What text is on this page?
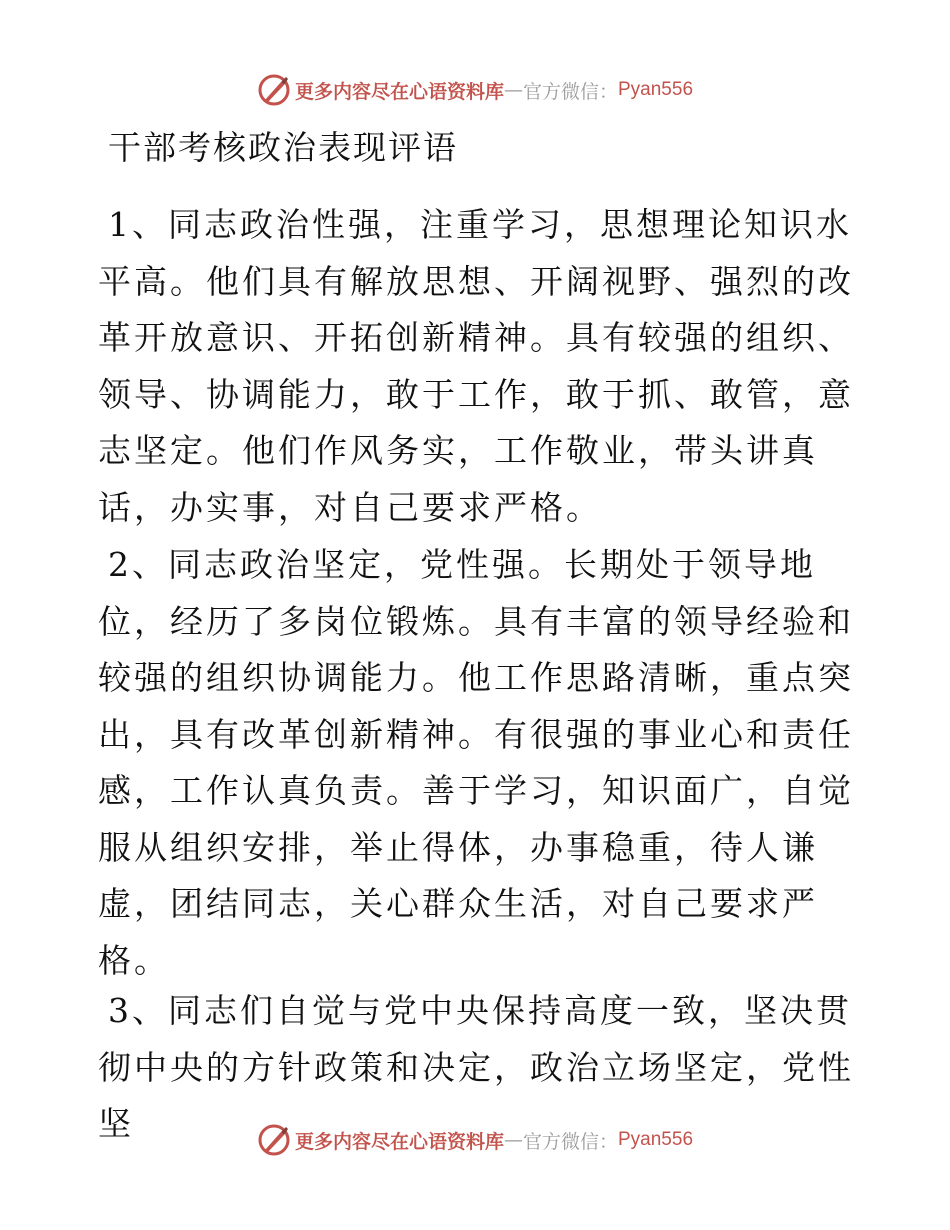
更多内容尽在心语资料库 — 官方微信： Pyan556
干部考核政治表现评语

1、同志政治性强，注重学习，思想理论知识水平高。他们具有解放思想、开阔视野、强烈的改革开放意识、开拓创新精神。具有较强的组织、领导、协调能力，敢于工作，敢于抓、敢管，意志坚定。他们作风务实，工作敬业，带头讲真话，办实事，对自己要求严格。

2、同志政治坚定，党性强。长期处于领导地位，经历了多岗位锻炼。具有丰富的领导经验和较强的组织协调能力。他工作思路清晰，重点突出，具有改革创新精神。有很强的事业心和责任感，工作认真负责。善于学习，知识面广，自觉服从组织安排，举止得体，办事稳重，待人谦虚，团结同志，关心群众生活，对自己要求严格。

3、同志们自觉与党中央保持高度一致，坚决贯彻中央的方针政策和决定，政治立场坚定，党性坚	更多内容尽在心语资料库 — 官方微信： Pyan556
